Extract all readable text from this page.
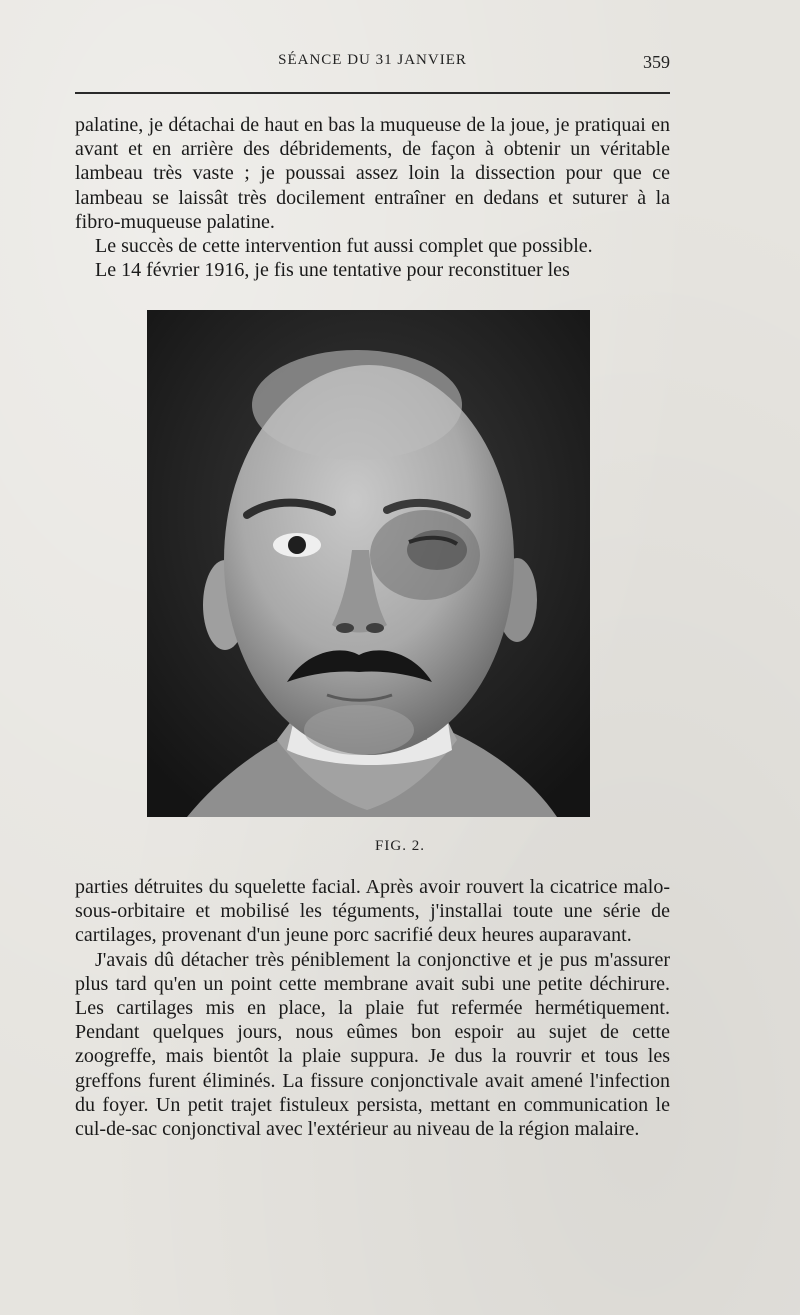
SÉANCE DU 31 JANVIER	359

palatine, je détachai de haut en bas la muqueuse de la joue, je pratiquai en avant et en arrière des débridements, de façon à obtenir un véritable lambeau très vaste ; je poussai assez loin la dissection pour que ce lambeau se laissât très docilement entraîner en dedans et suturer à la fibro-muqueuse palatine.

Le succès de cette intervention fut aussi complet que possible.

Le 14 février 1916, je fis une tentative pour reconstituer les

FIG. 2.

parties détruites du squelette facial. Après avoir rouvert la cicatrice malo-sous-orbitaire et mobilisé les téguments, j'installai toute une série de cartilages, provenant d'un jeune porc sacrifié deux heures auparavant.

J'avais dû détacher très péniblement la conjonctive et je pus m'assurer plus tard qu'en un point cette membrane avait subi une petite déchirure. Les cartilages mis en place, la plaie fut refermée hermétiquement. Pendant quelques jours, nous eûmes bon espoir au sujet de cette zoogreffe, mais bientôt la plaie suppura. Je dus la rouvrir et tous les greffons furent éliminés. La fissure conjonctivale avait amené l'infection du foyer. Un petit trajet fistuleux persista, mettant en communication le cul-de-sac conjonctival avec l'extérieur au niveau de la région malaire.
